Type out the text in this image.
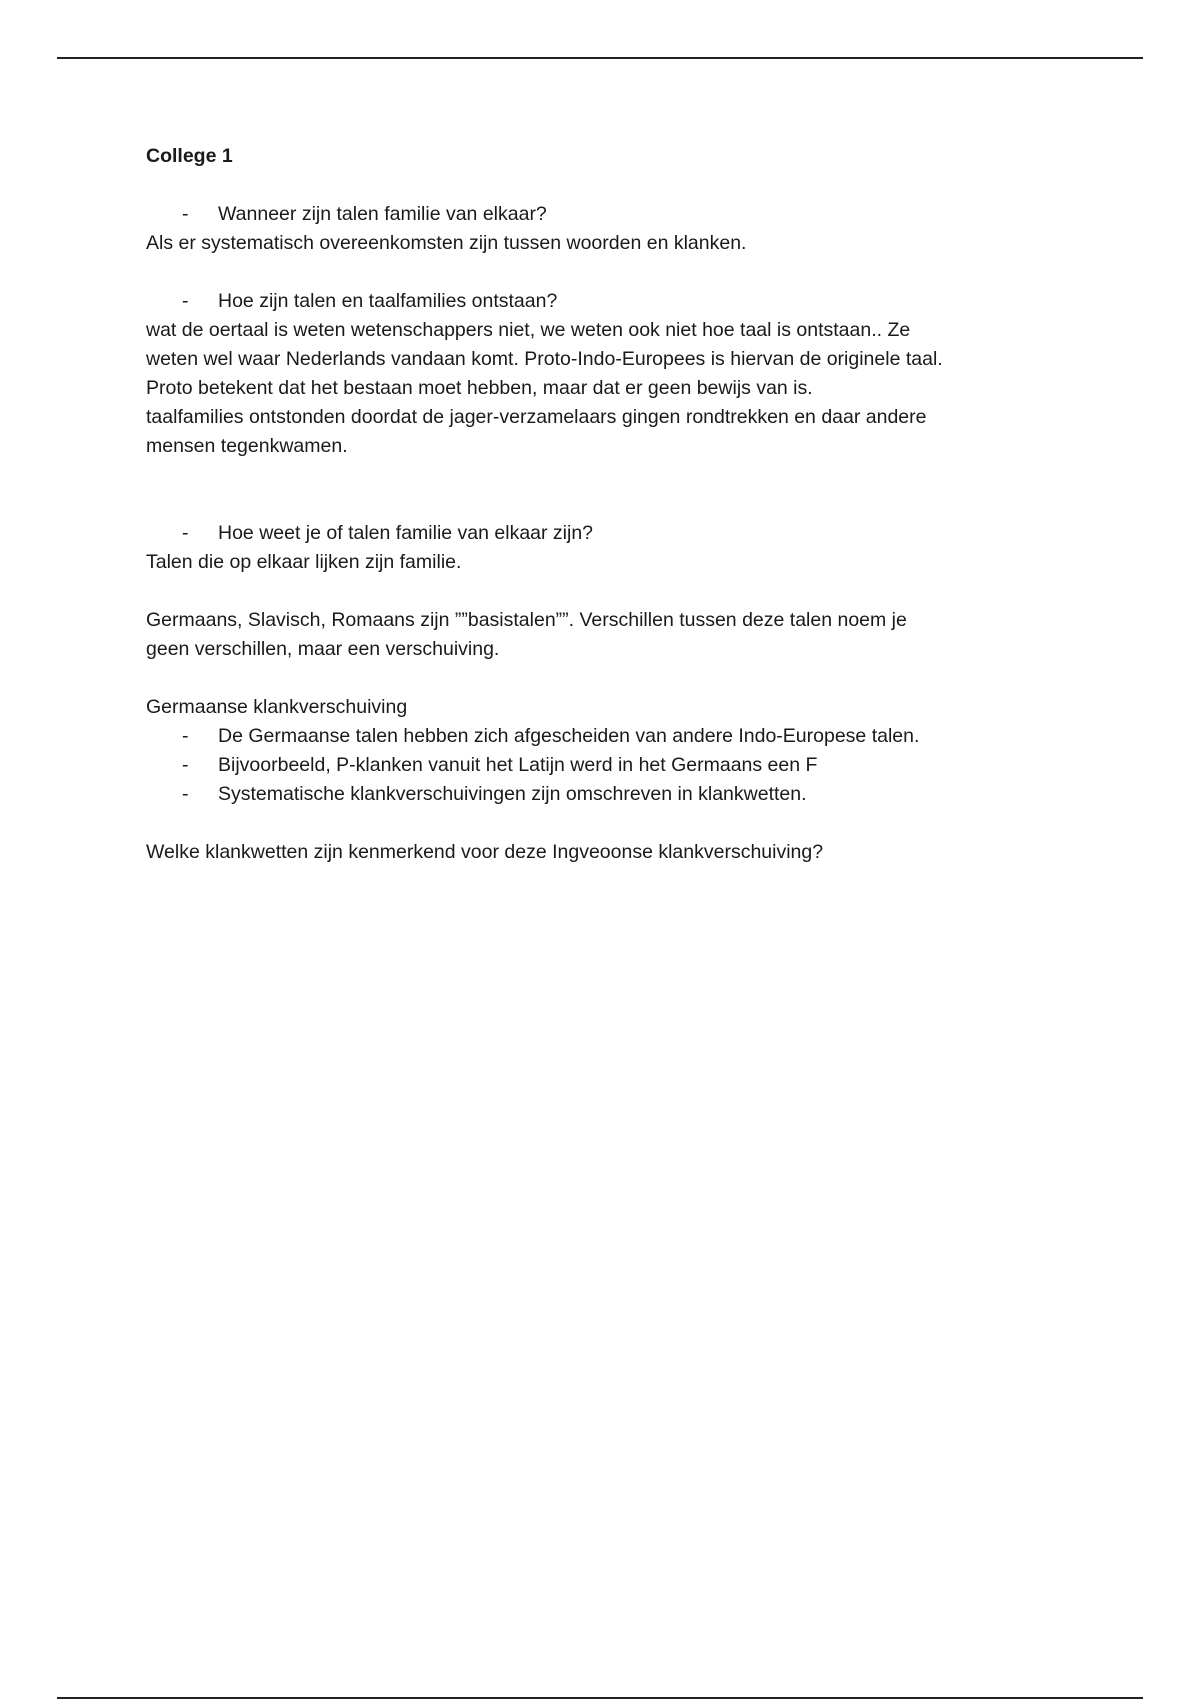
College 1

- Wanneer zijn talen familie van elkaar?

Als er systematisch overeenkomsten zijn tussen woorden en klanken.

- Hoe zijn talen en taalfamilies ontstaan?

wat de oertaal is weten wetenschappers niet, we weten ook niet hoe taal is ontstaan.. Ze

weten wel waar Nederlands vandaan komt. Proto-Indo-Europees is hiervan de originele taal.

Proto betekent dat het bestaan moet hebben, maar dat er geen bewijs van is.

taalfamilies ontstonden doordat de jager-verzamelaars gingen rondtrekken en daar andere

mensen tegenkwamen.

- Hoe weet je of talen familie van elkaar zijn?

Talen die op elkaar lijken zijn familie.

Germaans, Slavisch, Romaans zijn ””basistalen””. Verschillen tussen deze talen noem je

geen verschillen, maar een verschuiving.

Germaanse klankverschuiving

- De Germaanse talen hebben zich afgescheiden van andere Indo-Europese talen.
- Bijvoorbeeld, P-klanken vanuit het Latijn werd in het Germaans een F
- Systematische klankverschuivingen zijn omschreven in klankwetten.

Welke klankwetten zijn kenmerkend voor deze Ingveoonse klankverschuiving?
